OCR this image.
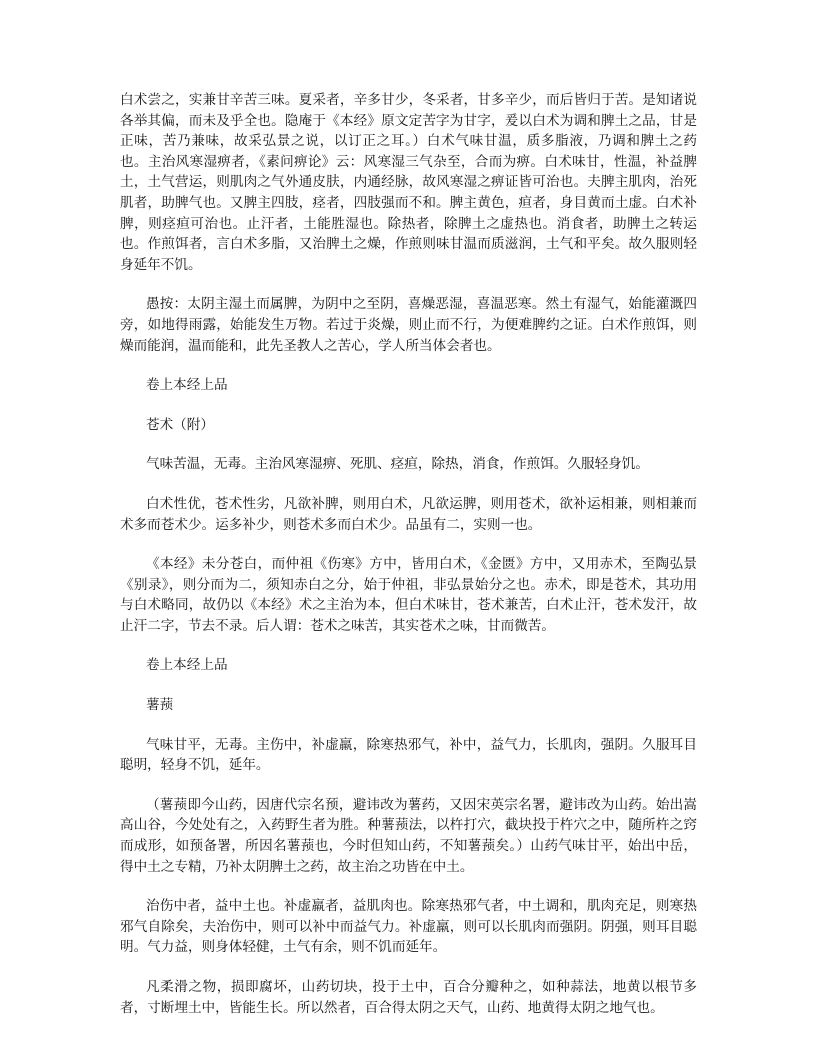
白术尝之，实兼甘辛苦三味。夏采者，辛多甘少，冬采者，甘多辛少，而后皆归于苦。是知诸说各举其偏，而未及乎全也。隐庵于《本经》原文定苦字为甘字，爰以白术为调和脾土之品，甘是正味，苦乃兼味，故采弘景之说，以订正之耳。）白术气味甘温，质多脂液，乃调和脾土之药也。主治风寒湿痹者，《素问痹论》云：风寒湿三气杂至，合而为痹。白术味甘，性温，补益脾土，土气营运，则肌肉之气外通皮肤，内通经脉，故风寒湿之痹证皆可治也。夫脾主肌肉，治死肌者，助脾气也。又脾主四肢，痉者，四肢强而不和。脾主黄色，疸者，身目黄而土虚。白术补脾，则痉疸可治也。止汗者，土能胜湿也。除热者，除脾土之虚热也。消食者，助脾土之转运也。作煎饵者，言白术多脂，又治脾土之燥，作煎则味甘温而质滋润，土气和平矣。故久服则轻身延年不饥。

愚按：太阴主湿土而属脾，为阴中之至阴，喜燥恶湿，喜温恶寒。然土有湿气，始能灌溉四旁，如地得雨露，始能发生万物。若过于炎燥，则止而不行，为便难脾约之证。白术作煎饵，则燥而能润，温而能和，此先圣教人之苦心，学人所当体会者也。

卷上本经上品
苍术（附）

气味苦温，无毒。主治风寒湿痹、死肌、痉疸，除热，消食，作煎饵。久服轻身饥。

白术性优，苍术性劣，凡欲补脾，则用白术，凡欲运脾，则用苍术，欲补运相兼，则相兼而术多而苍术少。运多补少，则苍术多而白术少。品虽有二，实则一也。

《本经》未分苍白，而仲祖《伤寒》方中，皆用白术，《金匮》方中，又用赤术，至陶弘景《别录》，则分而为二，须知赤白之分，始于仲祖，非弘景始分之也。赤术，即是苍术，其功用与白术略同，故仍以《本经》术之主治为本，但白术味甘，苍术兼苦，白术止汗，苍术发汗，故止汗二字，节去不录。后人谓：苍术之味苦，其实苍术之味，甘而微苦。

卷上本经上品
薯蓣

气味甘平，无毒。主伤中，补虚羸，除寒热邪气，补中，益气力，长肌肉，强阴。久服耳目聪明，轻身不饥，延年。

（薯蓣即今山药，因唐代宗名预，避讳改为薯药，又因宋英宗名署，避讳改为山药。始出嵩高山谷，今处处有之，入药野生者为胜。种薯蓣法，以杵打穴，截块投于杵穴之中，随所杵之窍而成形，如预备署，所因名薯蓣也，今时但知山药，不知薯蓣矣。）山药气味甘平，始出中岳，得中土之专精，乃补太阴脾土之药，故主治之功皆在中土。

治伤中者，益中土也。补虚羸者，益肌肉也。除寒热邪气者，中土调和，肌肉充足，则寒热邪气自除矣，夫治伤中，则可以补中而益气力。补虚羸，则可以长肌肉而强阴。阴强，则耳目聪明。气力益，则身体轻健，土气有余，则不饥而延年。

凡柔滑之物，损即腐坏，山药切块，投于土中，百合分瓣种之，如种蒜法，地黄以根节多者，寸断埋土中，皆能生长。所以然者，百合得太阴之天气，山药、地黄得太阴之地气也。
